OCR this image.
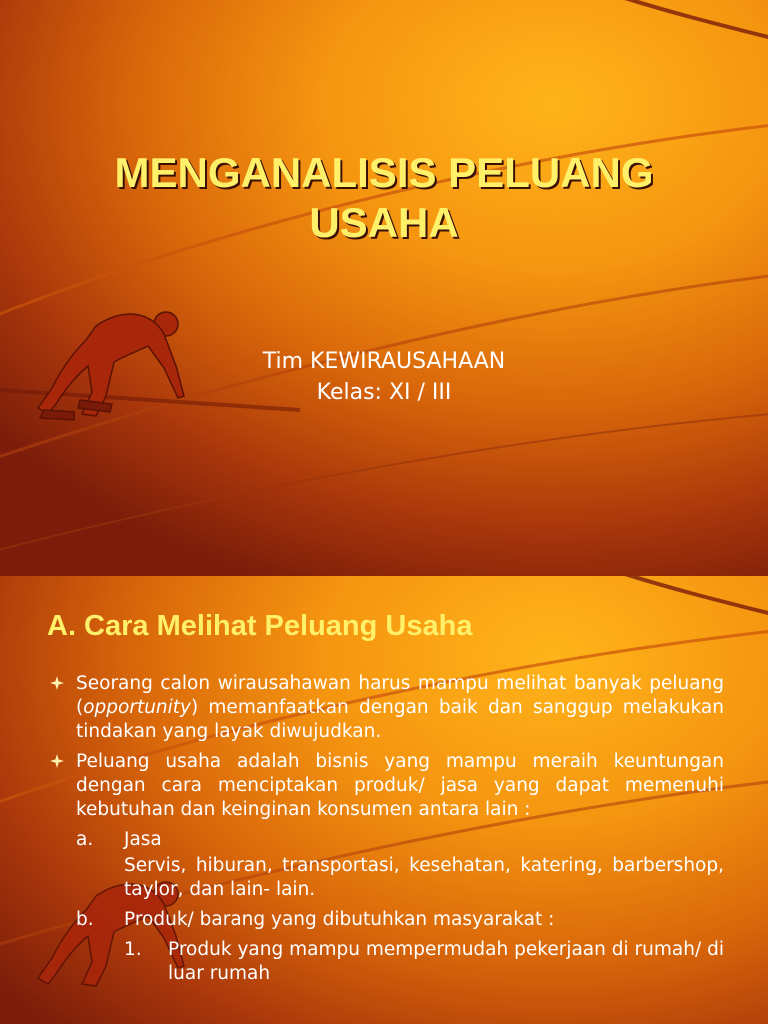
MENGANALISIS PELUANG
USAHA
Tim KEWIRAUSAHAAN
Kelas: XI / III
A. Cara Melihat Peluang Usaha
Seorang calon wirausahawan harus mampu melihat banyak peluang (opportunity) memanfaatkan dengan baik dan sanggup melakukan tindakan yang layak diwujudkan.
Peluang usaha adalah bisnis yang mampu meraih keuntungan dengan cara menciptakan produk/ jasa yang dapat memenuhi kebutuhan dan keinginan konsumen antara lain :
a. Jasa
Servis, hiburan, transportasi, kesehatan, katering, barbershop, taylor, dan lain- lain.
b. Produk/ barang yang dibutuhkan masyarakat :
1. Produk yang mampu mempermudah pekerjaan di rumah/ di luar rumah
